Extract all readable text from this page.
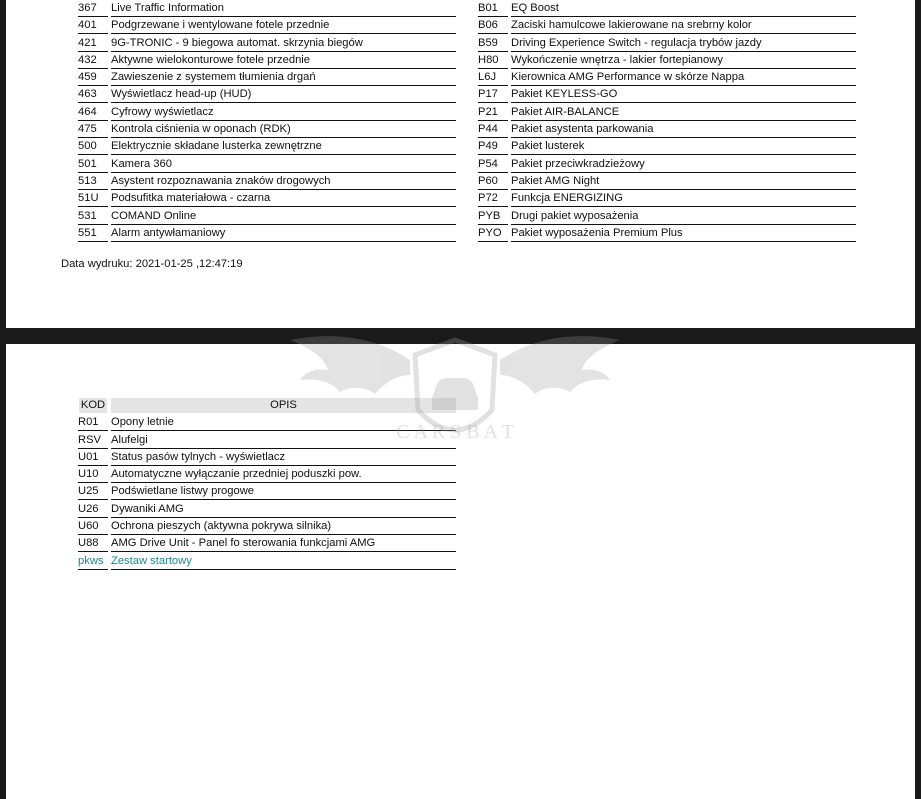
367	Live Traffic Information
401	Podgrzewane i wentylowane fotele przednie
421	9G-TRONIC - 9 biegowa automat. skrzynia biegów
432	Aktywne wielokonturowe fotele przednie
459	Zawieszenie z systemem tłumienia drgań
463	Wyświetlacz head-up (HUD)
464	Cyfrowy wyświetlacz
475	Kontrola ciśnienia w oponach (RDK)
500	Elektrycznie składane lusterka zewnętrzne
501	Kamera 360
513	Asystent rozpoznawania znaków drogowych
51U	Podsufitka materiałowa - czarna
531	COMAND Online
551	Alarm antywłamaniowy
B01	EQ Boost
B06	Zaciski hamulcowe lakierowane na srebrny kolor
B59	Driving Experience Switch - regulacja trybów jazdy
H80	Wykończenie wnętrza - lakier fortepianowy
L6J	Kierownica AMG Performance w skórze Nappa
P17	Pakiet KEYLESS-GO
P21	Pakiet AIR-BALANCE
P44	Pakiet asystenta parkowania
P49	Pakiet lusterek
P54	Pakiet przeciwkradzieżowy
P60	Pakiet AMG Night
P72	Funkcja ENERGIZING
PYB Drugi pakiet wyposażenia
PYO Pakiet wyposażenia Premium Plus
Data wydruku: 2021-01-25 ,12:47:19
KOD	OPIS
R01	Opony letnie
RSV Alufelgi
U01	Status pasów tylnych - wyświetlacz
U10	Automatyczne wyłączanie przedniej poduszki pow.
U25	Podświetlane listwy progowe
U26	Dywaniki AMG
U60	Ochrona pieszych (aktywna pokrywa silnika)
U88	AMG Drive Unit - Panel fo sterowania funkcjami AMG
pkws Zestaw startowy
C A R S B A T
